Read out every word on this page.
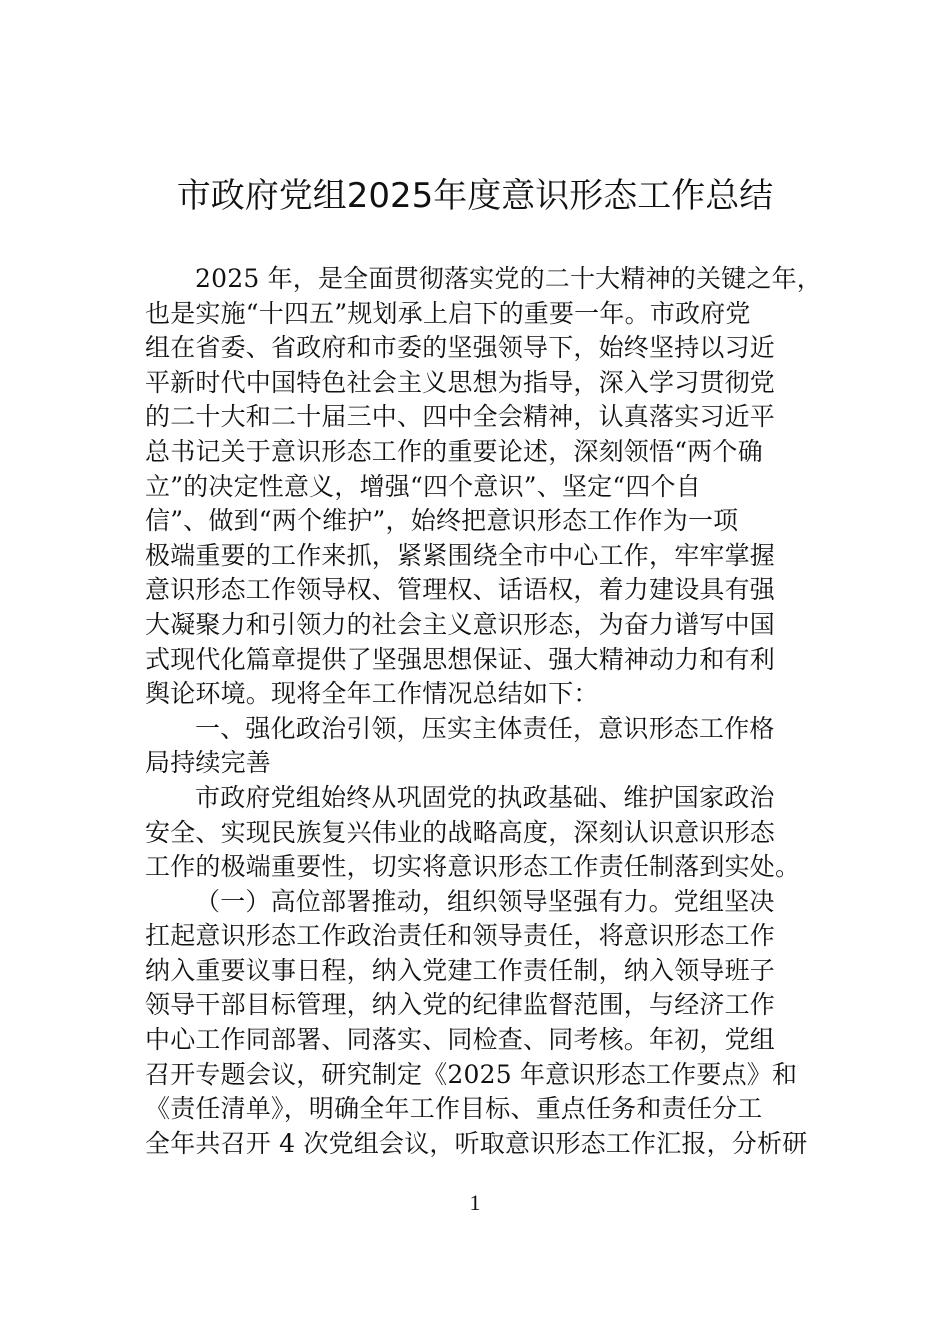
市政府党组2025年度意识形态工作总结
2025 年，是全面贯彻落实党的二十大精神的关键之年，
也是实施“十四五”规划承上启下的重要一年。市政府党
组在省委、省政府和市委的坚强领导下，始终坚持以习近
平新时代中国特色社会主义思想为指导，深入学习贯彻党
的二十大和二十届三中、四中全会精神，认真落实习近平
总书记关于意识形态工作的重要论述，深刻领悟“两个确
立”的决定性意义，增强“四个意识”、坚定“四个自
信”、做到“两个维护”，始终把意识形态工作作为一项
极端重要的工作来抓，紧紧围绕全市中心工作，牢牢掌握
意识形态工作领导权、管理权、话语权，着力建设具有强
大凝聚力和引领力的社会主义意识形态，为奋力谱写中国
式现代化篇章提供了坚强思想保证、强大精神动力和有利
舆论环境。现将全年工作情况总结如下：
一、强化政治引领，压实主体责任，意识形态工作格
局持续完善
市政府党组始终从巩固党的执政基础、维护国家政治
安全、实现民族复兴伟业的战略高度，深刻认识意识形态
工作的极端重要性，切实将意识形态工作责任制落到实处。
（一）高位部署推动，组织领导坚强有力。党组坚决
扛起意识形态工作政治责任和领导责任，将意识形态工作
纳入重要议事日程，纳入党建工作责任制，纳入领导班子
领导干部目标管理，纳入党的纪律监督范围，与经济工作
中心工作同部署、同落实、同检查、同考核。年初，党组
召开专题会议，研究制定《2025 年意识形态工作要点》和
《责任清单》，明确全年工作目标、重点任务和责任分工
全年共召开 4 次党组会议，听取意识形态工作汇报，分析研
1
